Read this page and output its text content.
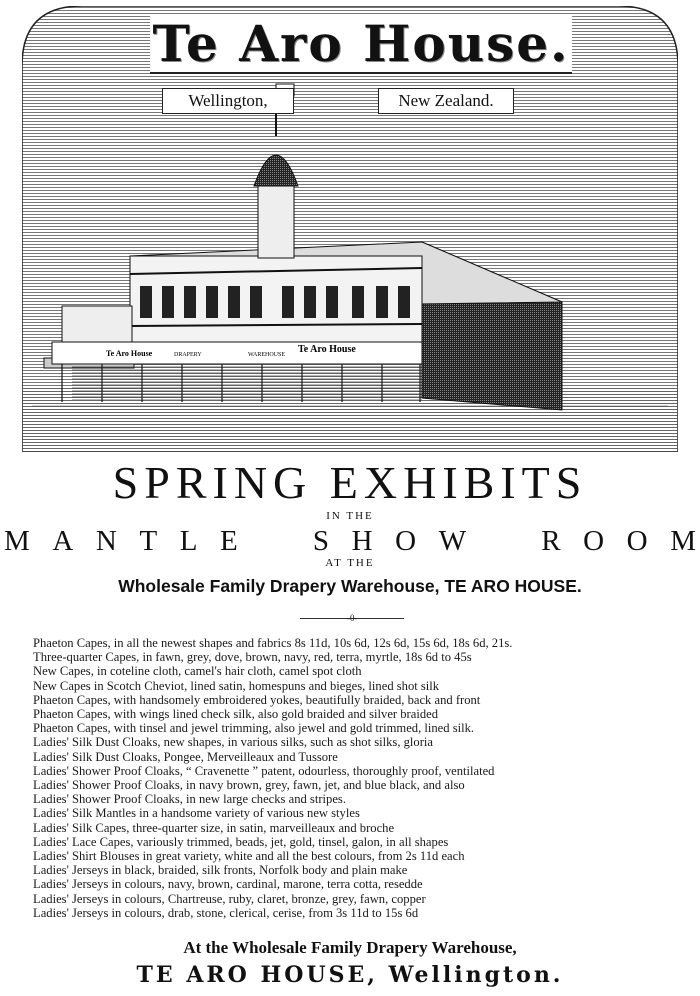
Te Aro House	DRAPERY	WAREHOUSE Te Aro House
Te Aro House.
Wellington,	New Zealand.
SPRING EXHIBITS
IN THE
M A N T L E	S H O W	R O O M
AT THE
Wholesale Family Drapery Warehouse, TE ARO HOUSE.
-0-
Phaeton Capes, in all the newest shapes and fabrics 8s 11d, 10s 6d, 12s 6d, 15s 6d, 18s 6d, 21s.
Three-quarter Capes, in fawn, grey, dove, brown, navy, red, terra, myrtle, 18s 6d to 45s
New Capes, in coteline cloth, camel's hair cloth, camel spot cloth
New Capes in Scotch Cheviot, lined satin, homespuns and bieges, lined shot silk
Phaeton Capes, with handsomely embroidered yokes, beautifully braided, back and front
Phaeton Capes, with wings lined check silk, also gold braided and silver braided
Phaeton Capes, with tinsel and jewel trimming, also jewel and gold trimmed, lined silk.
Ladies' Silk Dust Cloaks, new shapes, in various silks, such as shot silks, gloria
Ladies' Silk Dust Cloaks, Pongee, Merveilleaux and Tussore
Ladies' Shower Proof Cloaks, “ Cravenette ” patent, odourless, thoroughly proof, ventilated
Ladies' Shower Proof Cloaks, in navy brown, grey, fawn, jet, and blue black, and also
Ladies' Shower Proof Cloaks, in new large checks and stripes.
Ladies' Silk Mantles in a handsome variety of various new styles
Ladies' Silk Capes, three-quarter size, in satin, marveilleaux and broche
Ladies' Lace Capes, variously trimmed, beads, jet, gold, tinsel, galon, in all shapes
Ladies' Shirt Blouses in great variety, white and all the best colours, from 2s 11d each
Ladies' Jerseys in black, braided, silk fronts, Norfolk body and plain make
Ladies' Jerseys in colours, navy, brown, cardinal, marone, terra cotta, resedde
Ladies' Jerseys in colours, Chartreuse, ruby, claret, bronze, grey, fawn, copper
Ladies' Jerseys in colours, drab, stone, clerical, cerise, from 3s 11d to 15s 6d
At the Wholesale Family Drapery Warehouse,
TE ARO HOUSE, Wellington.
